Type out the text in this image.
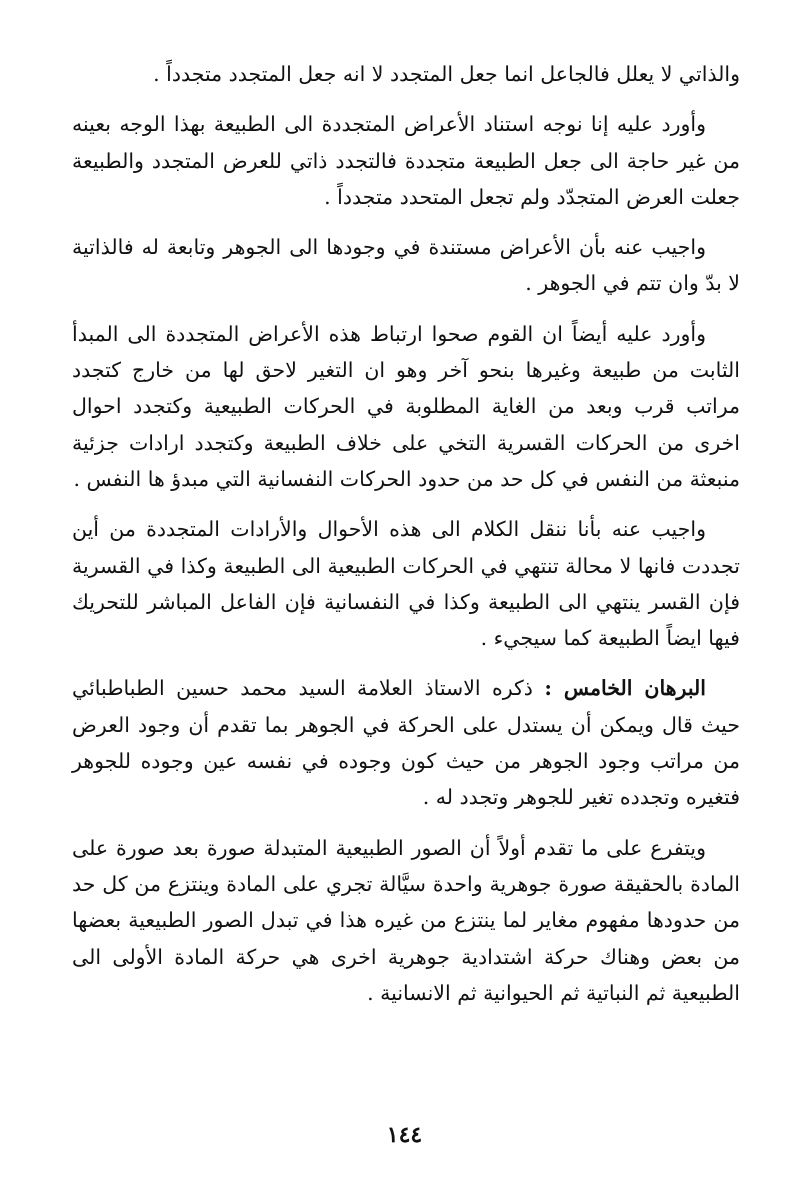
والذاتي لا يعلل فالجاعل انما جعل المتجدد لا انه جعل المتجدد متجدداً .

وأورد عليه إنا نوجه استناد الأعراض المتجددة الى الطبيعة بهذا الوجه بعينه من غير حاجة الى جعل الطبيعة متجددة فالتجدد ذاتي للعرض المتجدد والطبيعة جعلت العرض المتجدّد ولم تجعل المتحدد متجدداً .

واجيب عنه بأن الأعراض مستندة في وجودها الى الجوهر وتابعة له فالذاتية لا بدّ وان تتم في الجوهر .

وأورد عليه أيضاً ان القوم صحوا ارتباط هذه الأعراض المتجددة الى المبدأ الثابت من طبيعة وغيرها بنحو آخر وهو ان التغير لاحق لها من خارج كتجدد مراتب قرب وبعد من الغاية المطلوبة في الحركات الطبيعية وكتجدد احوال اخرى من الحركات القسرية التخي على خلاف الطبيعة وكتجدد ارادات جزئية منبعثة من النفس في كل حد من حدود الحركات النفسانية التي مبدؤ ها النفس .

واجيب عنه بأنا ننقل الكلام الى هذه الأحوال والأرادات المتجددة من أين تجددت فانها لا محالة تنتهي في الحركات الطبيعية الى الطبيعة وكذا في القسرية فإن القسر ينتهي الى الطبيعة وكذا في النفسانية فإن الفاعل المباشر للتحريك فيها ايضاً الطبيعة كما سيجيء .

البرهان الخامس : ذكره الاستاذ العلامة السيد محمد حسين الطباطبائي حيث قال ويمكن أن يستدل على الحركة في الجوهر بما تقدم أن وجود العرض من مراتب وجود الجوهر من حيث كون وجوده في نفسه عين وجوده للجوهر فتغيره وتجدده تغير للجوهر وتجدد له .

ويتفرع على ما تقدم أولاً أن الصور الطبيعية المتبدلة صورة بعد صورة على المادة بالحقيقة صورة جوهرية واحدة سيَّالة تجري على المادة وينتزع من كل حد من حدودها مفهوم مغاير لما ينتزع من غيره هذا في تبدل الصور الطبيعية بعضها من بعض وهناك حركة اشتدادية جوهرية اخرى هي حركة المادة الأولى الى الطبيعية ثم النباتية ثم الحيوانية ثم الانسانية .

١٤٤
